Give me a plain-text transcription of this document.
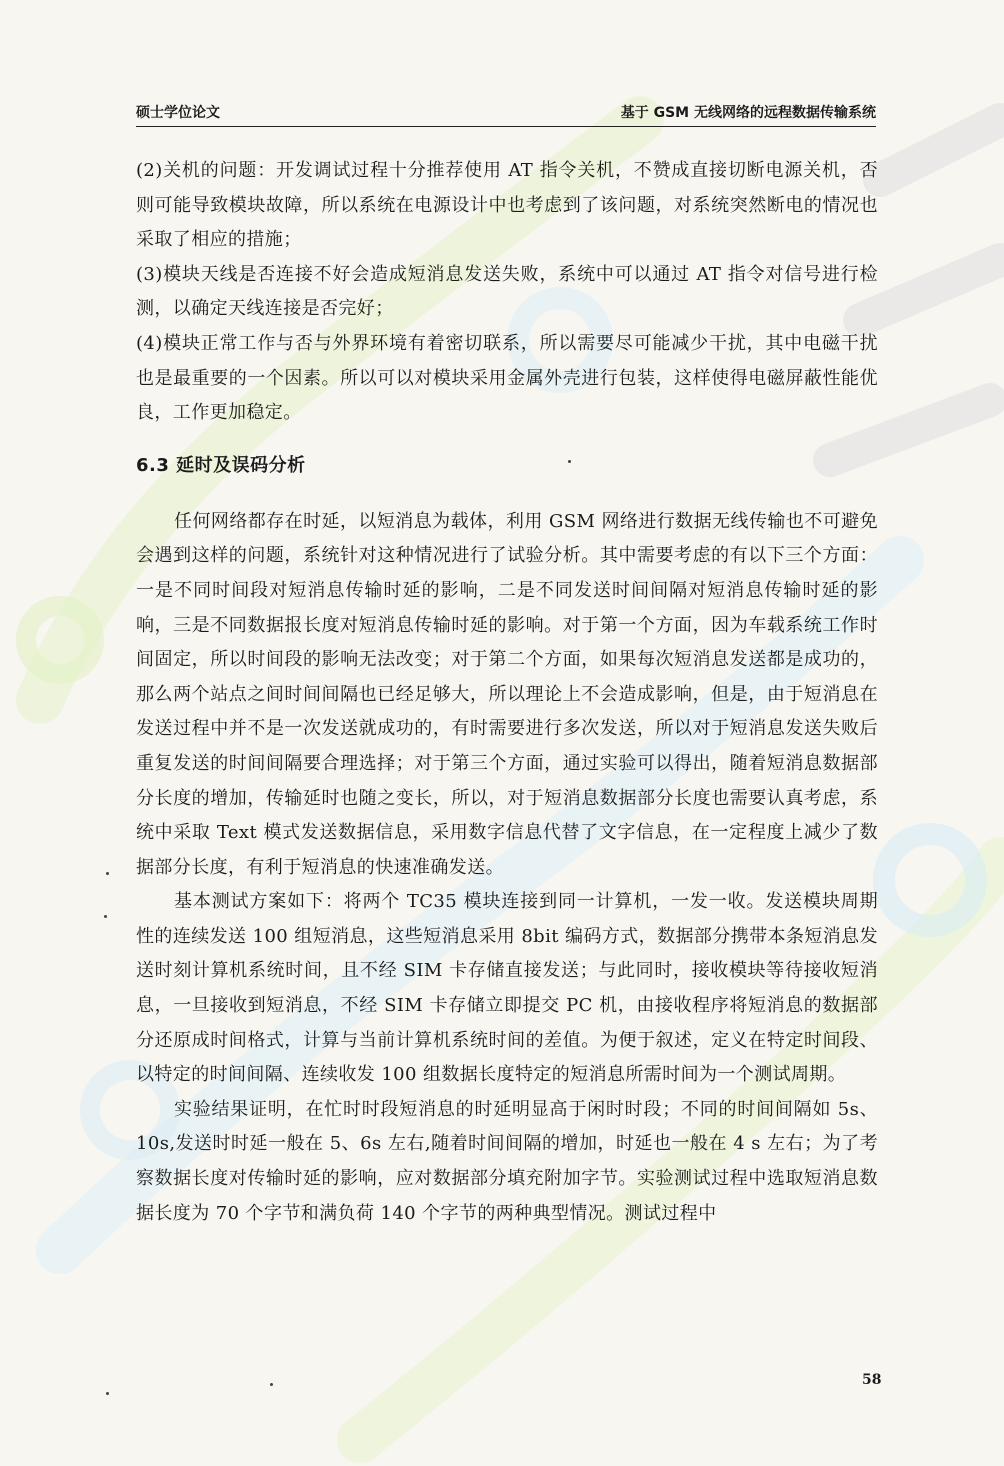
硕士学位论文	基于 GSM 无线网络的远程数据传输系统

(2)关机的问题：开发调试过程十分推荐使用 AT 指令关机，不赞成直接切断电源关机，否则可能导致模块故障，所以系统在电源设计中也考虑到了该问题，对系统突然断电的情况也采取了相应的措施；

(3)模块天线是否连接不好会造成短消息发送失败，系统中可以通过 AT 指令对信号进行检测，以确定天线连接是否完好；

(4)模块正常工作与否与外界环境有着密切联系，所以需要尽可能减少干扰，其中电磁干扰也是最重要的一个因素。所以可以对模块采用金属外壳进行包装，这样使得电磁屏蔽性能优良，工作更加稳定。

6.3 延时及误码分析

任何网络都存在时延，以短消息为载体，利用 GSM 网络进行数据无线传输也不可避免会遇到这样的问题，系统针对这种情况进行了试验分析。其中需要考虑的有以下三个方面：一是不同时间段对短消息传输时延的影响，二是不同发送时间间隔对短消息传输时延的影响，三是不同数据报长度对短消息传输时延的影响。对于第一个方面，因为车载系统工作时间固定，所以时间段的影响无法改变；对于第二个方面，如果每次短消息发送都是成功的，那么两个站点之间时间间隔也已经足够大，所以理论上不会造成影响，但是，由于短消息在发送过程中并不是一次发送就成功的，有时需要进行多次发送，所以对于短消息发送失败后重复发送的时间间隔要合理选择；对于第三个方面，通过实验可以得出，随着短消息数据部分长度的增加，传输延时也随之变长，所以，对于短消息数据部分长度也需要认真考虑，系统中采取 Text 模式发送数据信息，采用数字信息代替了文字信息，在一定程度上减少了数据部分长度，有利于短消息的快速准确发送。

基本测试方案如下：将两个 TC35 模块连接到同一计算机，一发一收。发送模块周期性的连续发送 100 组短消息，这些短消息采用 8bit 编码方式，数据部分携带本条短消息发送时刻计算机系统时间，且不经 SIM 卡存储直接发送；与此同时，接收模块等待接收短消息，一旦接收到短消息，不经 SIM 卡存储立即提交 PC 机，由接收程序将短消息的数据部分还原成时间格式，计算与当前计算机系统时间的差值。为便于叙述，定义在特定时间段、以特定的时间间隔、连续收发 100 组数据长度特定的短消息所需时间为一个测试周期。

实验结果证明，在忙时时段短消息的时延明显高于闲时时段；不同的时间间隔如 5s、10s,发送时时延一般在 5、6s 左右,随着时间间隔的增加，时延也一般在 4 s 左右；为了考察数据长度对传输时延的影响，应对数据部分填充附加字节。实验测试过程中选取短消息数据长度为 70 个字节和满负荷 140 个字节的两种典型情况。测试过程中

58
